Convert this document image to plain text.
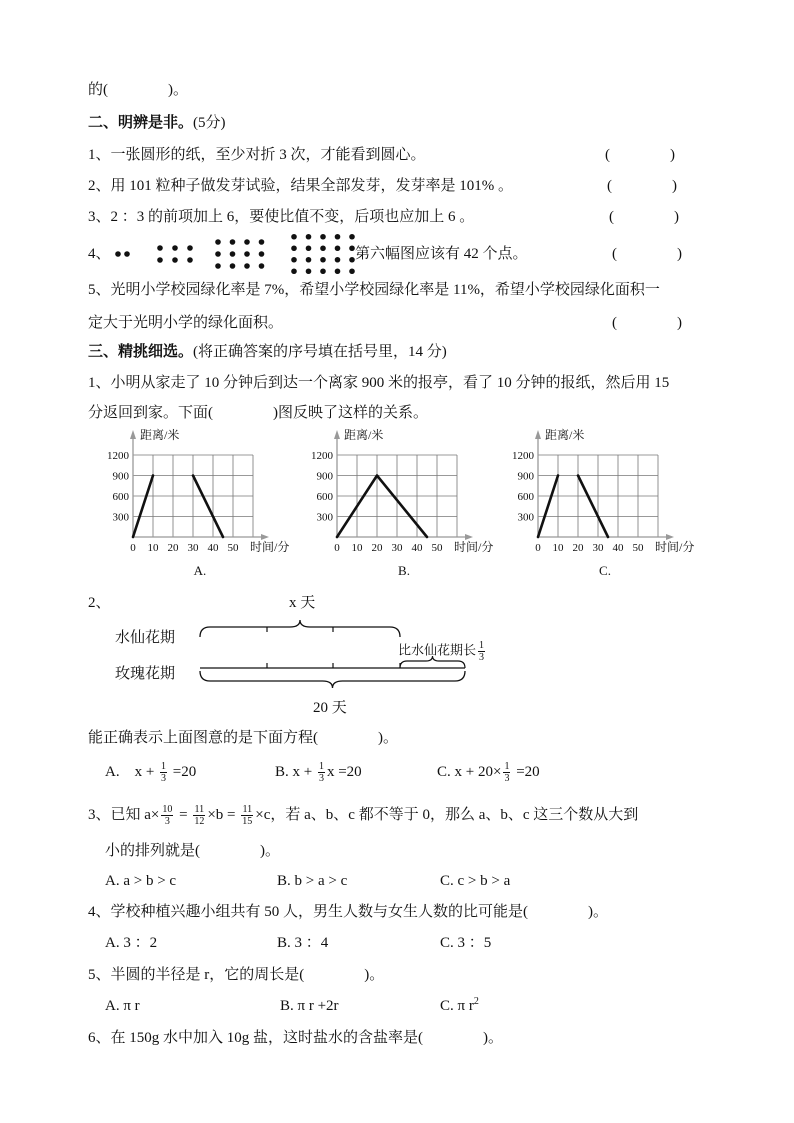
的(　　　　)。
二、明辨是非。(5分)
1、一张圆形的纸，至少对折 3 次，才能看到圆心。	(　　　　)
2、用 101 粒种子做发芽试验，结果全部发芽，发芽率是 101% 。	(　　　　)
3、2 ：3 的前项加上 6，要使比值不变，后项也应加上 6 。	(　　　　)
4、	第六幅图应该有 42 个点。	(　　　　)
5、光明小学校园绿化率是 7%，希望小学校园绿化率是 11%，希望小学校园绿化面积一
定大于光明小学的绿化面积。	(　　　　)
三、精挑细选。(将正确答案的序号填在括号里，14 分)
1、小明从家走了 10 分钟后到达一个离家 900 米的报亭，看了 10 分钟的报纸，然后用 15
分返回到家。下面(　　　　)图反映了这样的关系。
距离/米
300
600
900
1200
0 10 20 30 40 50 时间/分
A.
距离/米
300
600
900
1200
0 10 20 30 40 50 时间/分
B.
距离/米
300
600
900
1200
0 10 20 30 40 50 时间/分
C.
2、	x 天
水仙花期
玫瑰花期
比水仙花期长 $\frac{1}{3}$
20 天
能正确表示上面图意的是下面方程(　　　　)。
A.　$x + \frac{1}{3} =20$	B. $x + \frac{1}{3}$ x =20	C. $x + 20\times \frac{1}{3} =20$
3、已知 $a\times \frac{10}{3} = \frac{11}{12} \times b = \frac{11}{15} \times c$，若 a、b、c 都不等于 0，那么 a、b、c 这三个数从大到
小的排列就是(　　　　)。
A. a > b > c	B. b > a > c	C. c > b > a
4、学校种植兴趣小组共有 50 人，男生人数与女生人数的比可能是(　　　　)。
A. 3 ：2	B. 3 ：4	C. 3 ：5
5、半圆的半径是 r，它的周长是(　　　　)。
A. π r	B. π r +2r	C. π $r^2$
6、在 150g 水中加入 10g 盐，这时盐水的含盐率是(　　　　)。
